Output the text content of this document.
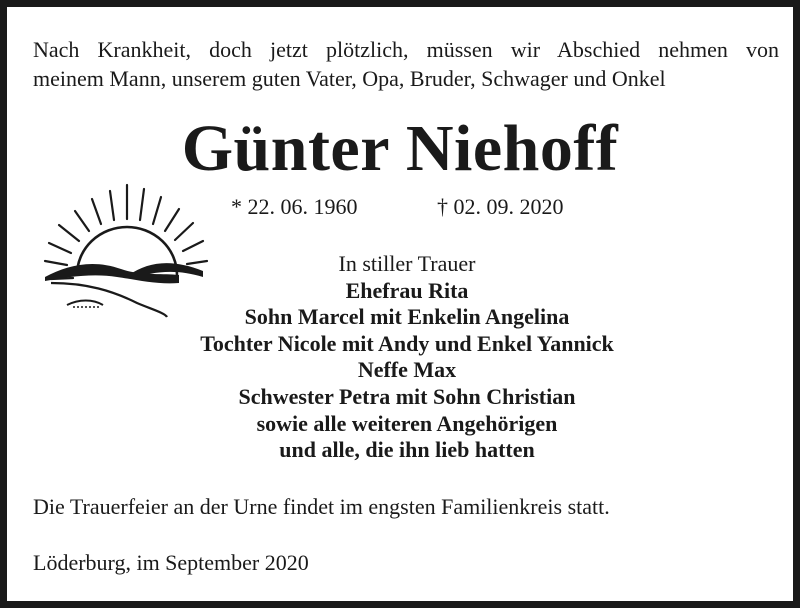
Nach Krankheit, doch jetzt plötzlich, müssen wir Abschied nehmen von
meinem Mann, unserem guten Vater, Opa, Bruder, Schwager und Onkel
Günter Niehoff
* 22. 06. 1960	† 02. 09. 2020
In stiller Trauer
Ehefrau Rita
Sohn Marcel mit Enkelin Angelina
Tochter Nicole mit Andy und Enkel Yannick
Neffe Max
Schwester Petra mit Sohn Christian
sowie alle weiteren Angehörigen
und alle, die ihn lieb hatten
Die Trauerfeier an der Urne findet im engsten Familienkreis statt.
Löderburg, im September 2020
